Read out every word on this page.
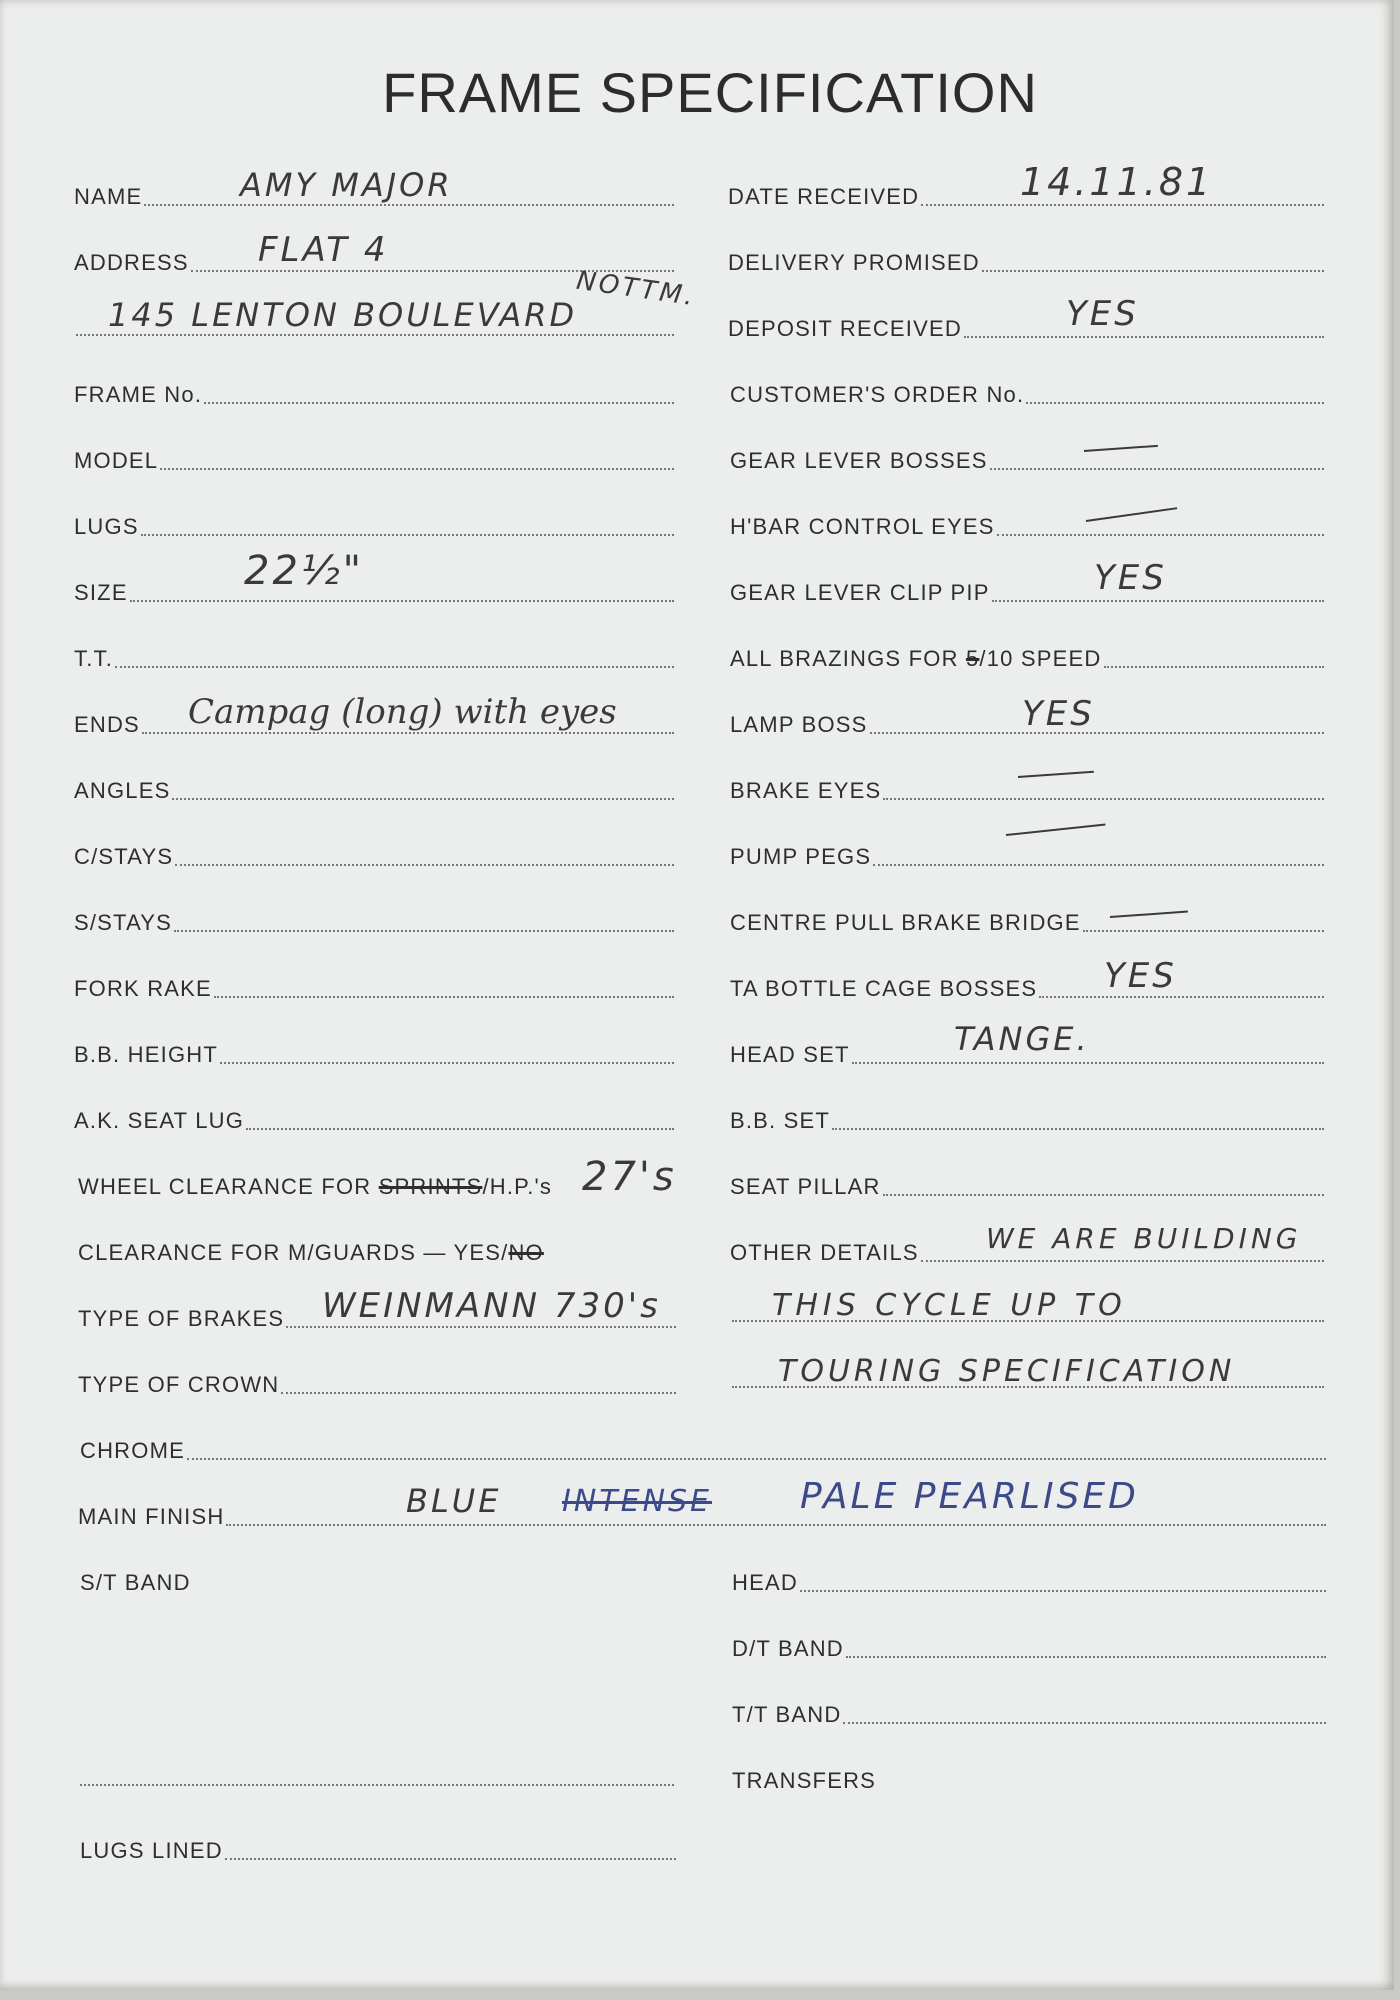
FRAME SPECIFICATION
NAME
ADDRESS
FRAME No.
MODEL
LUGS
SIZE
T.T.
ENDS
ANGLES
C/STAYS
S/STAYS
FORK RAKE
B.B. HEIGHT
A.K. SEAT LUG
WHEEL CLEARANCE FOR SPRINTS/H.P.'s
CLEARANCE FOR M/GUARDS — YES/NO
TYPE OF BRAKES
TYPE OF CROWN
CHROME
MAIN FINISH
S/T BAND
LUGS LINED
DATE RECEIVED
DELIVERY PROMISED
DEPOSIT RECEIVED
CUSTOMER'S ORDER No.
GEAR LEVER BOSSES
H'BAR CONTROL EYES
GEAR LEVER CLIP PIP
ALL BRAZINGS FOR 5/10 SPEED
LAMP BOSS
BRAKE EYES
PUMP PEGS
CENTRE PULL BRAKE BRIDGE
TA BOTTLE CAGE BOSSES
HEAD SET
B.B. SET
SEAT PILLAR
OTHER DETAILS
HEAD
D/T BAND
T/T BAND
TRANSFERS
AMY MAJOR
FLAT 4
NOTTM.
145 LENTON BOULEVARD
22½"
Campag (long) with eyes
27's
WEINMANN 730's
BLUE INTENSE PALE PEARLISED
14.11.81
YES
YES
YES
YES
TANGE.
WE ARE BUILDING
THIS CYCLE UP TO
TOURING SPECIFICATION
